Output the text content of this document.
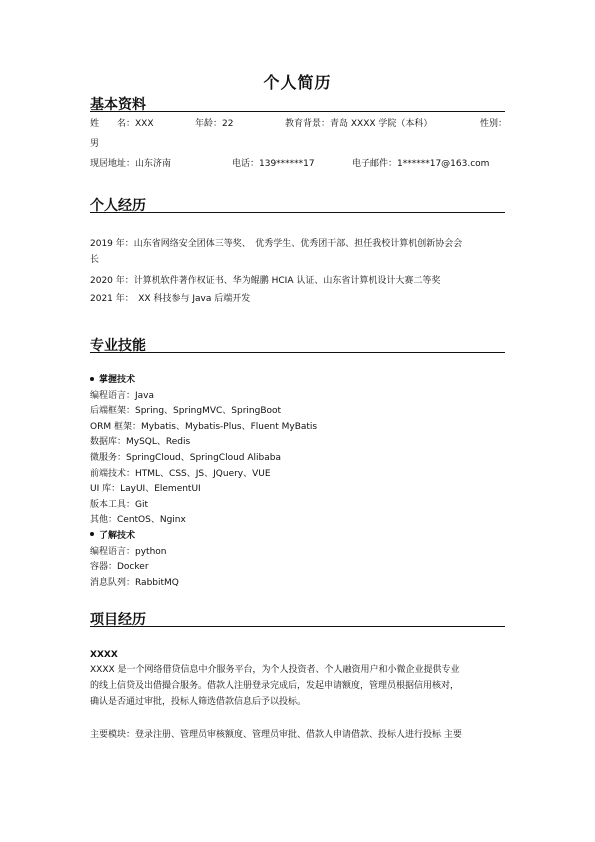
个人简历
基本资料
姓　　名：XXX	年龄：22	教育背景：青岛 XXXX 学院（本科）	性别：
男
现居地址：山东济南	电话：139******17	电子邮件：1******17@163.com
个人经历
2019 年：山东省网络安全团体三等奖、　优秀学生、优秀团干部、担任我校计算机创新协会会
长
2020 年：计算机软件著作权证书、华为鲲鹏 HCIA 认证、山东省计算机设计大赛二等奖
2021 年：　XX 科技参与 Java 后端开发
专业技能
掌握技术
编程语言：Java
后端框架：Spring、SpringMVC、SpringBoot
ORM 框架：Mybatis、Mybatis-Plus、Fluent MyBatis
数据库：MySQL、Redis
微服务：SpringCloud、SpringCloud Alibaba
前端技术：HTML、CSS、JS、JQuery、VUE
UI 库：LayUI、ElementUI
版本工具：Git
其他：CentOS、Nginx
了解技术
编程语言：python
容器：Docker
消息队列：RabbitMQ
项目经历
XXXX
XXXX 是一个网络借贷信息中介服务平台，为个人投资者、个人融资用户和小微企业提供专业
的线上信贷及出借撮合服务。借款人注册登录完成后，发起申请额度，管理员根据信用核对，
确认是否通过审批，投标人筛选借款信息后予以投标。
主要模块：登录注册、管理员审核额度、管理员审批、借款人申请借款、投标人进行投标 主要
